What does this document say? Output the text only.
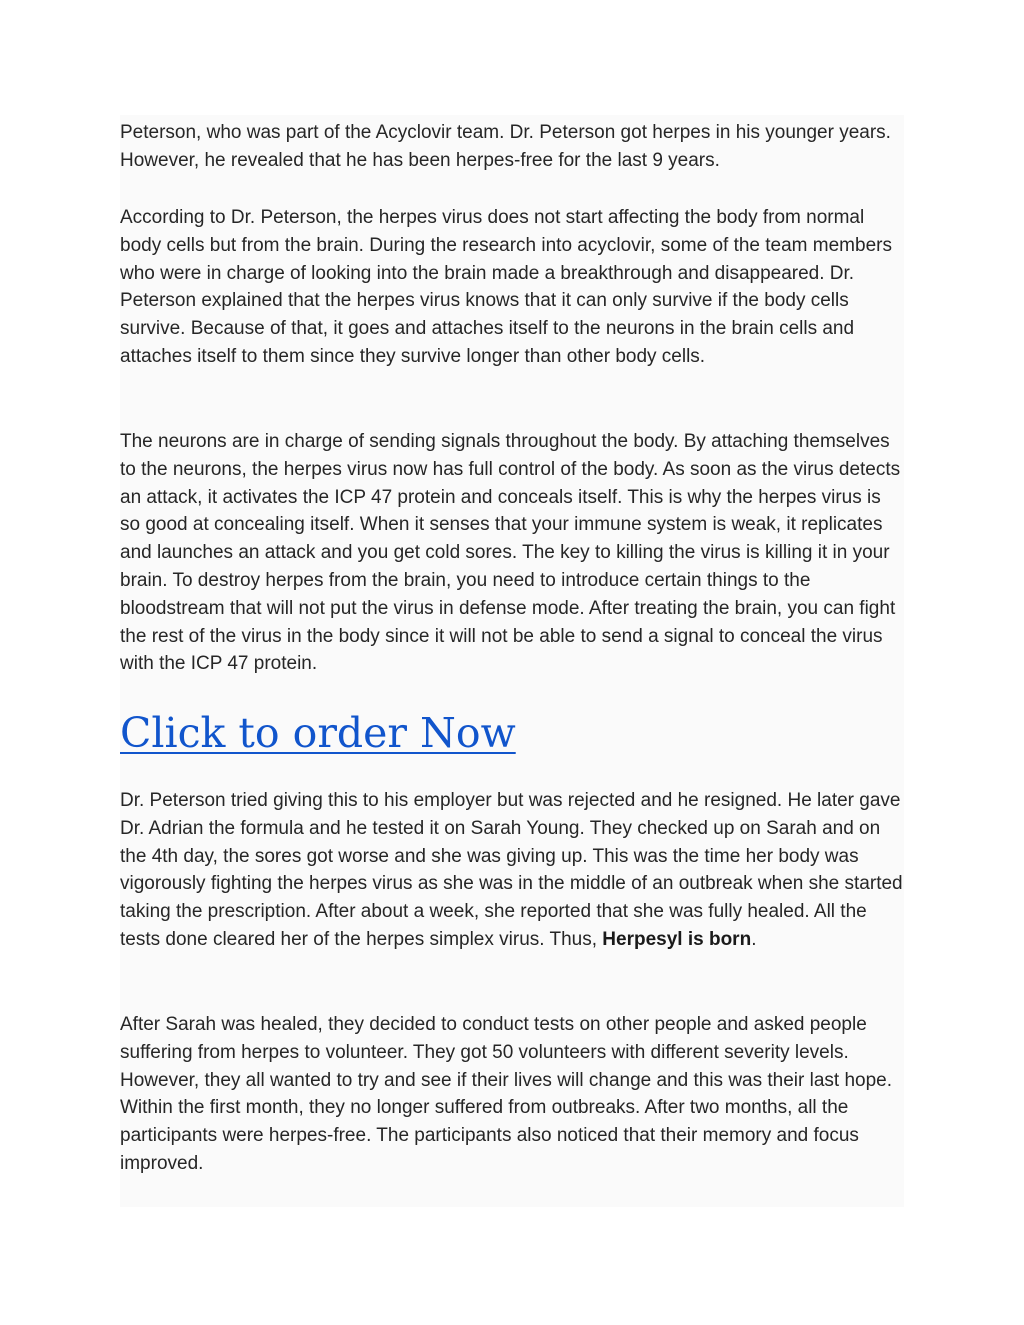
Peterson, who was part of the Acyclovir team. Dr. Peterson got herpes in his younger years. However, he revealed that he has been herpes-free for the last 9 years.

According to Dr. Peterson, the herpes virus does not start affecting the body from normal body cells but from the brain. During the research into acyclovir, some of the team members who were in charge of looking into the brain made a breakthrough and disappeared. Dr. Peterson explained that the herpes virus knows that it can only survive if the body cells survive. Because of that, it goes and attaches itself to the neurons in the brain cells and attaches itself to them since they survive longer than other body cells.

The neurons are in charge of sending signals throughout the body. By attaching themselves to the neurons, the herpes virus now has full control of the body. As soon as the virus detects an attack, it activates the ICP 47 protein and conceals itself. This is why the herpes virus is so good at concealing itself. When it senses that your immune system is weak, it replicates and launches an attack and you get cold sores. The key to killing the virus is killing it in your brain. To destroy herpes from the brain, you need to introduce certain things to the bloodstream that will not put the virus in defense mode. After treating the brain, you can fight the rest of the virus in the body since it will not be able to send a signal to conceal the virus with the ICP 47 protein.

Click to order Now

Dr. Peterson tried giving this to his employer but was rejected and he resigned. He later gave Dr. Adrian the formula and he tested it on Sarah Young. They checked up on Sarah and on the 4th day, the sores got worse and she was giving up. This was the time her body was vigorously fighting the herpes virus as she was in the middle of an outbreak when she started taking the prescription. After about a week, she reported that she was fully healed. All the tests done cleared her of the herpes simplex virus. Thus, Herpesyl is born.

After Sarah was healed, they decided to conduct tests on other people and asked people suffering from herpes to volunteer. They got 50 volunteers with different severity levels. However, they all wanted to try and see if their lives will change and this was their last hope. Within the first month, they no longer suffered from outbreaks. After two months, all the participants were herpes-free. The participants also noticed that their memory and focus improved.
